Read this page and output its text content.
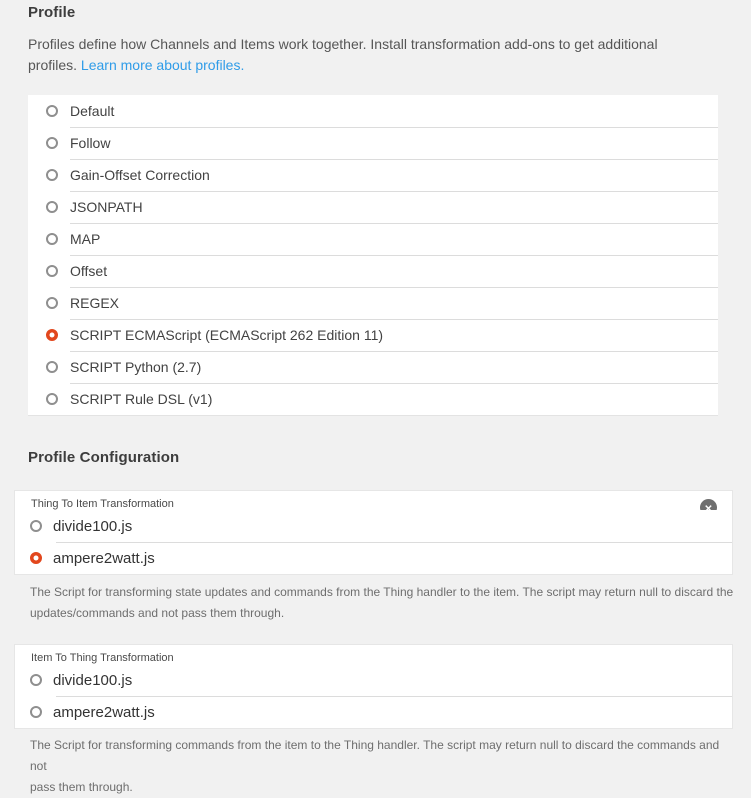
Profile

Profiles define how Channels and Items work together. Install transformation add-ons to get additional
profiles. Learn more about profiles.

Default
Follow
Gain-Offset Correction
JSONPATH
MAP
Offset
REGEX
SCRIPT ECMAScript (ECMAScript 262 Edition 11)
SCRIPT Python (2.7)
SCRIPT Rule DSL (v1)
Profile Configuration
Thing To Item Transformation
✕
divide100.js
ampere2watt.js
The Script for transforming state updates and commands from the Thing handler to the item. The script may return null to discard the
updates/commands and not pass them through.
Item To Thing Transformation
divide100.js
ampere2watt.js
The Script for transforming commands from the item to the Thing handler. The script may return null to discard the commands and not
pass them through.
